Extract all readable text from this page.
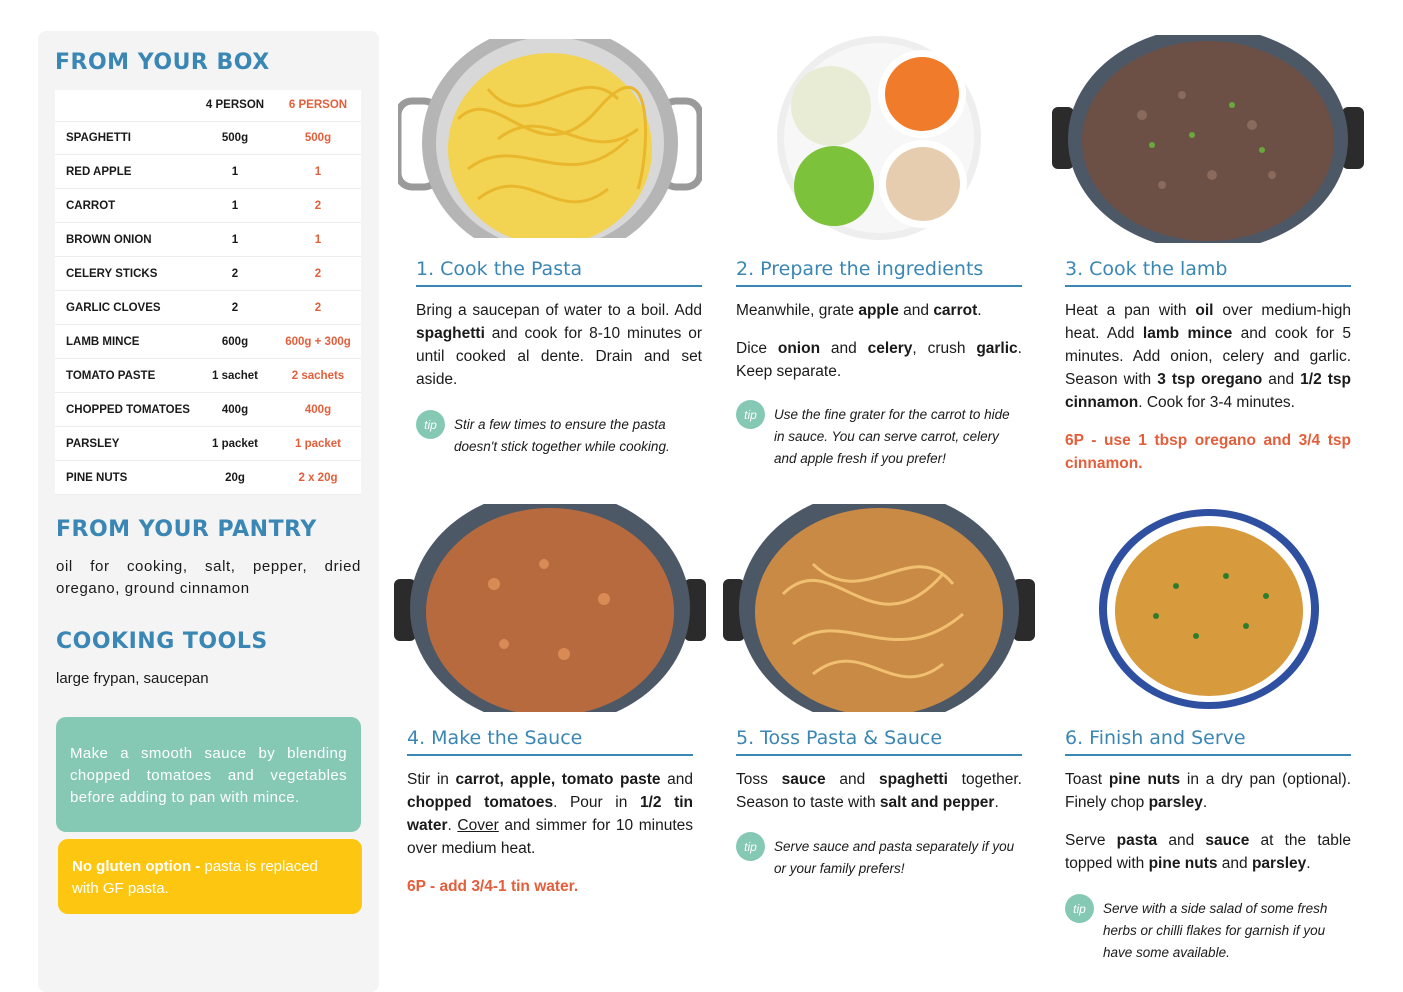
FROM YOUR BOX
	4 PERSON	6 PERSON
SPAGHETTI	500g	500g
RED APPLE	1	1
CARROT	1	2
BROWN ONION	1	1
CELERY STICKS	2	2
GARLIC CLOVES	2	2
LAMB MINCE	600g	600g + 300g
TOMATO PASTE	1 sachet	2 sachets
CHOPPED TOMATOES	400g	400g
PARSLEY	1 packet	1 packet
PINE NUTS	20g	2 x 20g
FROM YOUR PANTRY
oil for cooking, salt, pepper, dried oregano, ground cinnamon
COOKING TOOLS
large frypan, saucepan
Make a smooth sauce by blending chopped tomatoes and vegetables before adding to pan with mince.
No gluten option - pasta is replaced with GF pasta.
1. Cook the Pasta

Bring a saucepan of water to a boil. Add spaghetti and cook for 8-10 minutes or until cooked al dente. Drain and set aside.

tip	Stir a few times to ensure the pasta doesn't stick together while cooking.
2. Prepare the ingredients

Meanwhile, grate apple and carrot.

Dice onion and celery, crush garlic. Keep separate.

tip	Use the fine grater for the carrot to hide in sauce. You can serve carrot, celery and apple fresh if you prefer!
3. Cook the lamb

Heat a pan with oil over medium-high heat. Add lamb mince and cook for 5 minutes. Add onion, celery and garlic. Season with 3 tsp oregano and 1/2 tsp cinnamon. Cook for 3-4 minutes.

6P - use 1 tbsp oregano and 3/4 tsp cinnamon.
4. Make the Sauce

Stir in carrot, apple, tomato paste and chopped tomatoes. Pour in 1/2 tin water. Cover and simmer for 10 minutes over medium heat.

6P - add 3/4-1 tin water.
5. Toss Pasta & Sauce

Toss sauce and spaghetti together. Season to taste with salt and pepper.

tip	Serve sauce and pasta separately if you or your family prefers!
6. Finish and Serve

Toast pine nuts in a dry pan (optional). Finely chop parsley.

Serve pasta and sauce at the table topped with pine nuts and parsley.

tip	Serve with a side salad of some fresh herbs or chilli flakes for garnish if you have some available.
